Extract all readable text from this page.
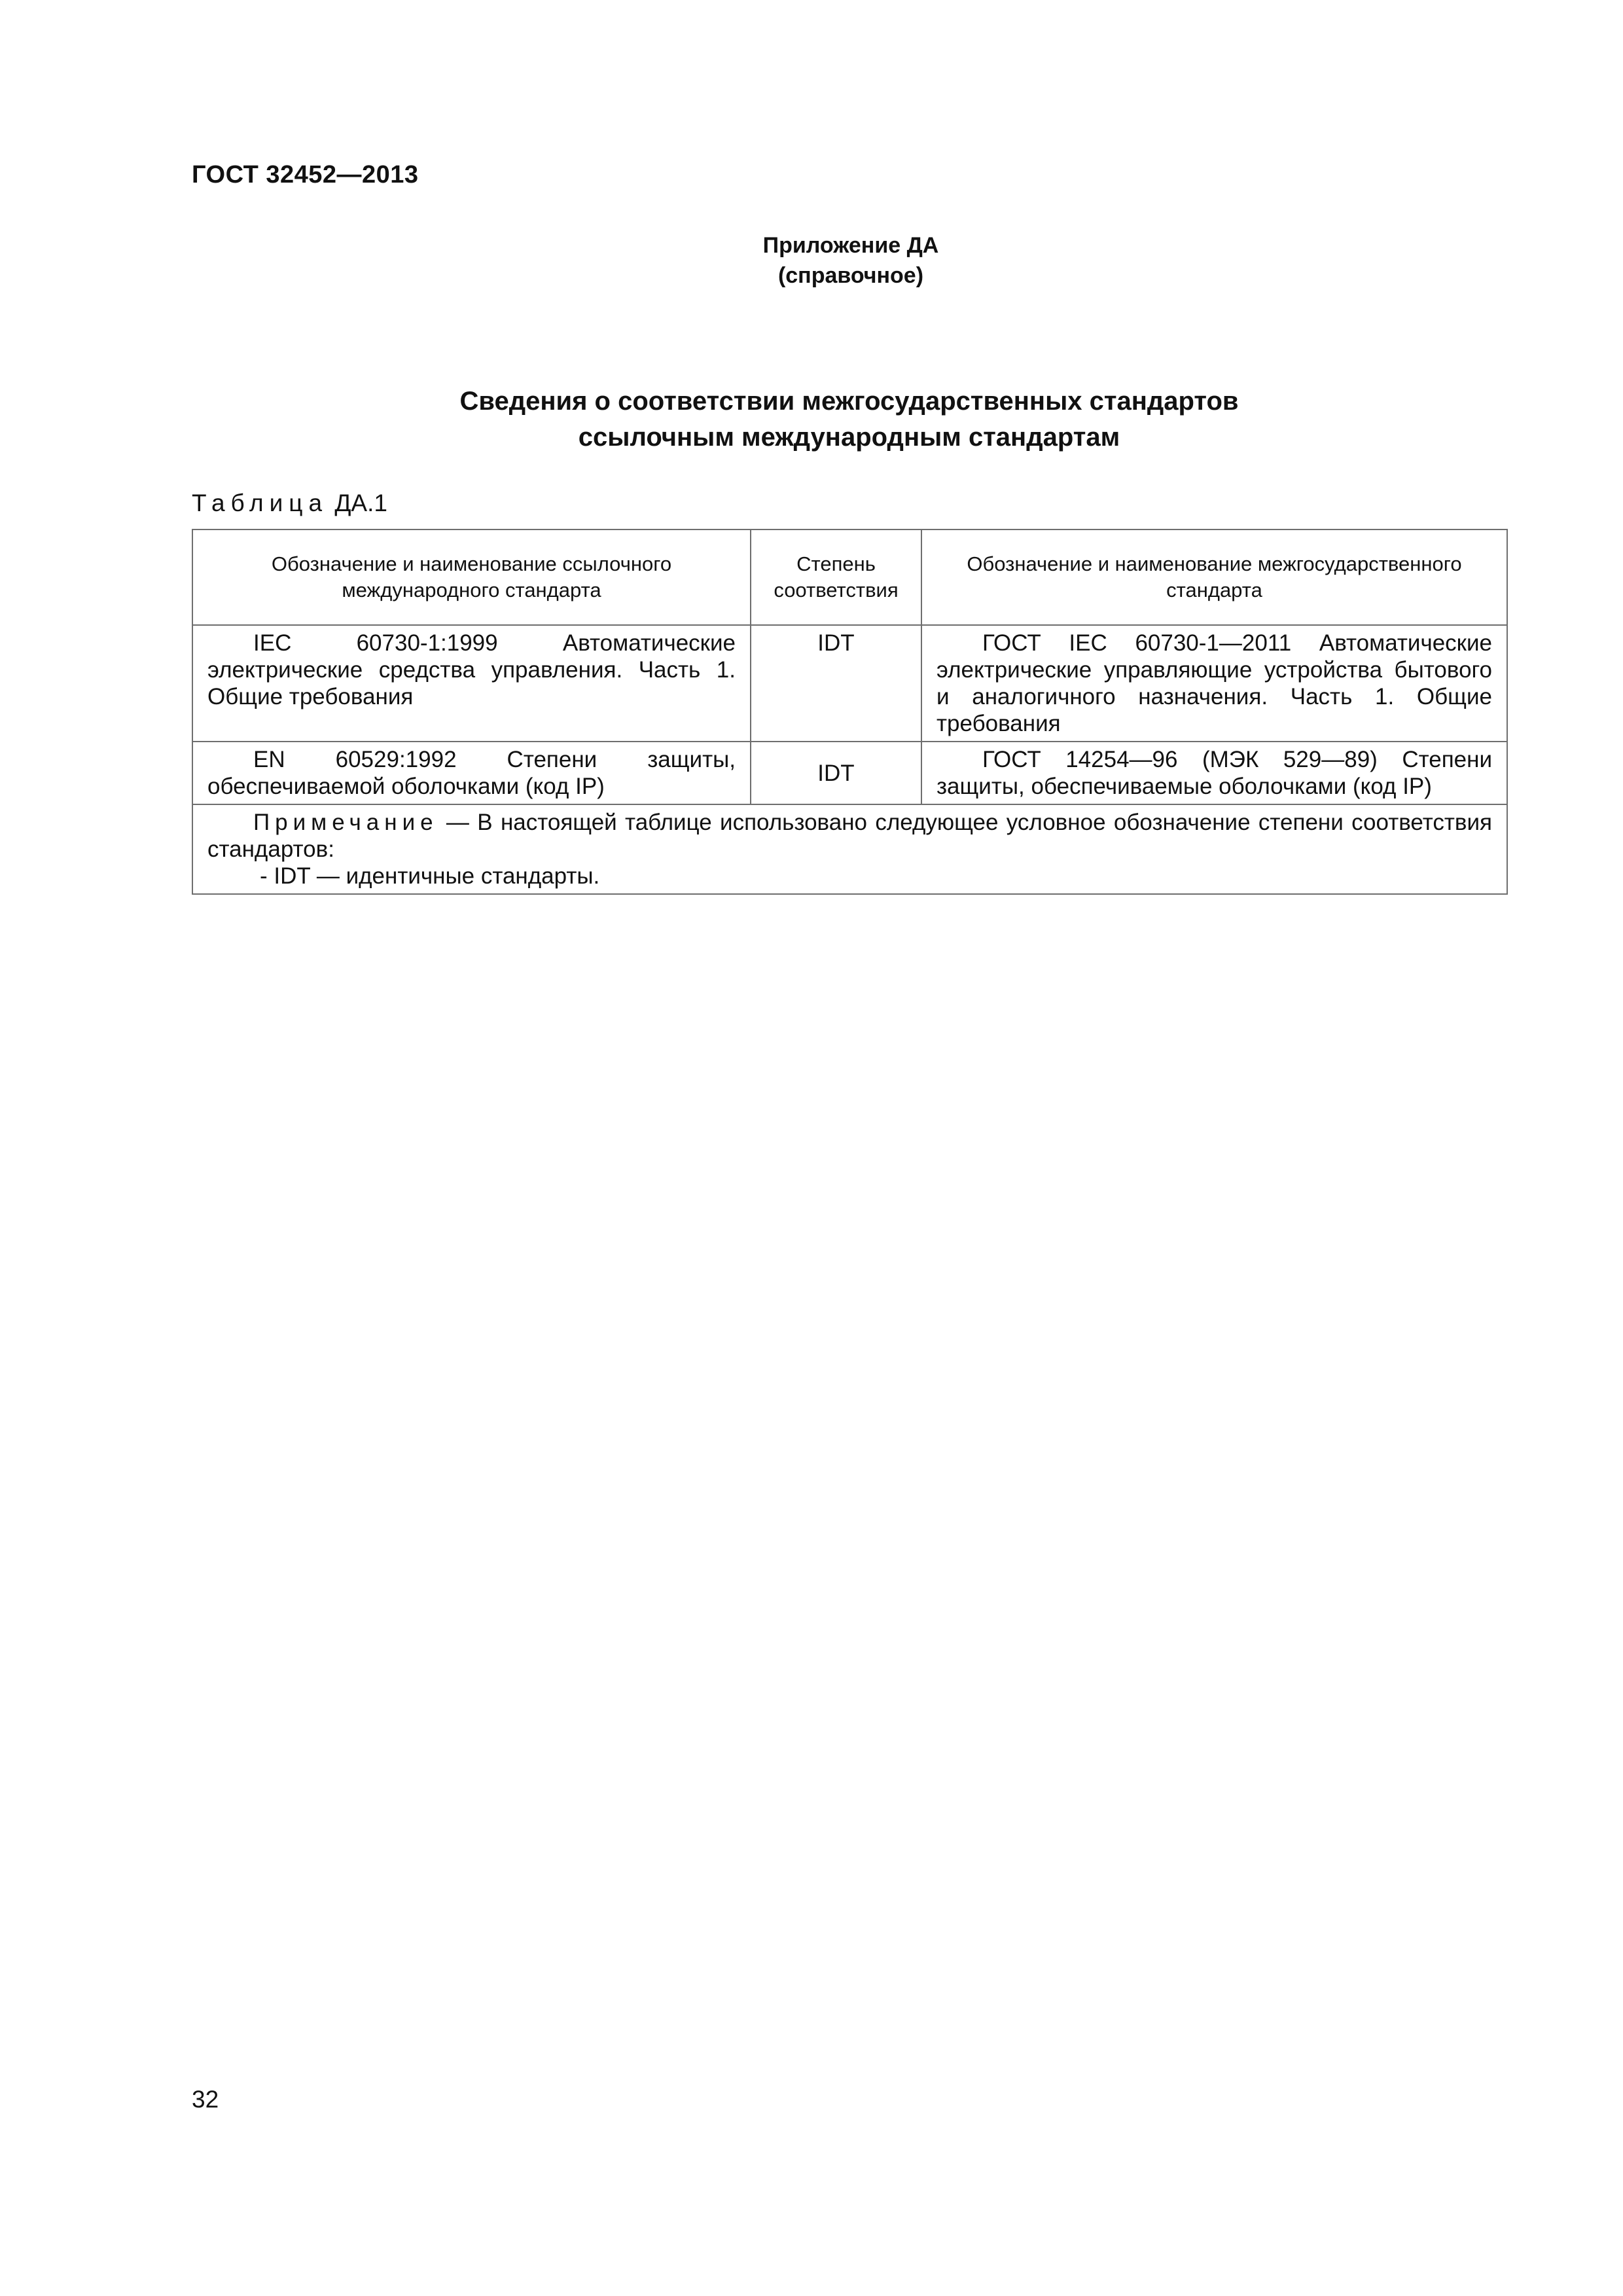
ГОСТ 32452—2013
Приложение ДА
(справочное)
Сведения о соответствии межгосударственных стандартов
ссылочным международным стандартам
Таблица ДА.1
Обозначение и наименование ссылочного международного стандарта	Степень соответствия	Обозначение и наименование межгосударственного стандарта
IEC 60730-1:1999 Автоматические электрические средства управления. Часть 1. Общие требования	IDT	ГОСТ IEC 60730-1—2011 Автоматические электрические управляющие устройства бытового и аналогичного назначения. Часть 1. Общие требования
EN 60529:1992 Степени защиты, обеспечиваемой оболочками (код IP)	IDT	ГОСТ 14254—96 (МЭК 529—89) Степени защиты, обеспечиваемые оболочками (код IP)

Примечание — В настоящей таблице использовано следующее условное обозначение степени соответствия стандартов:
- IDT — идентичные стандарты.		
32
